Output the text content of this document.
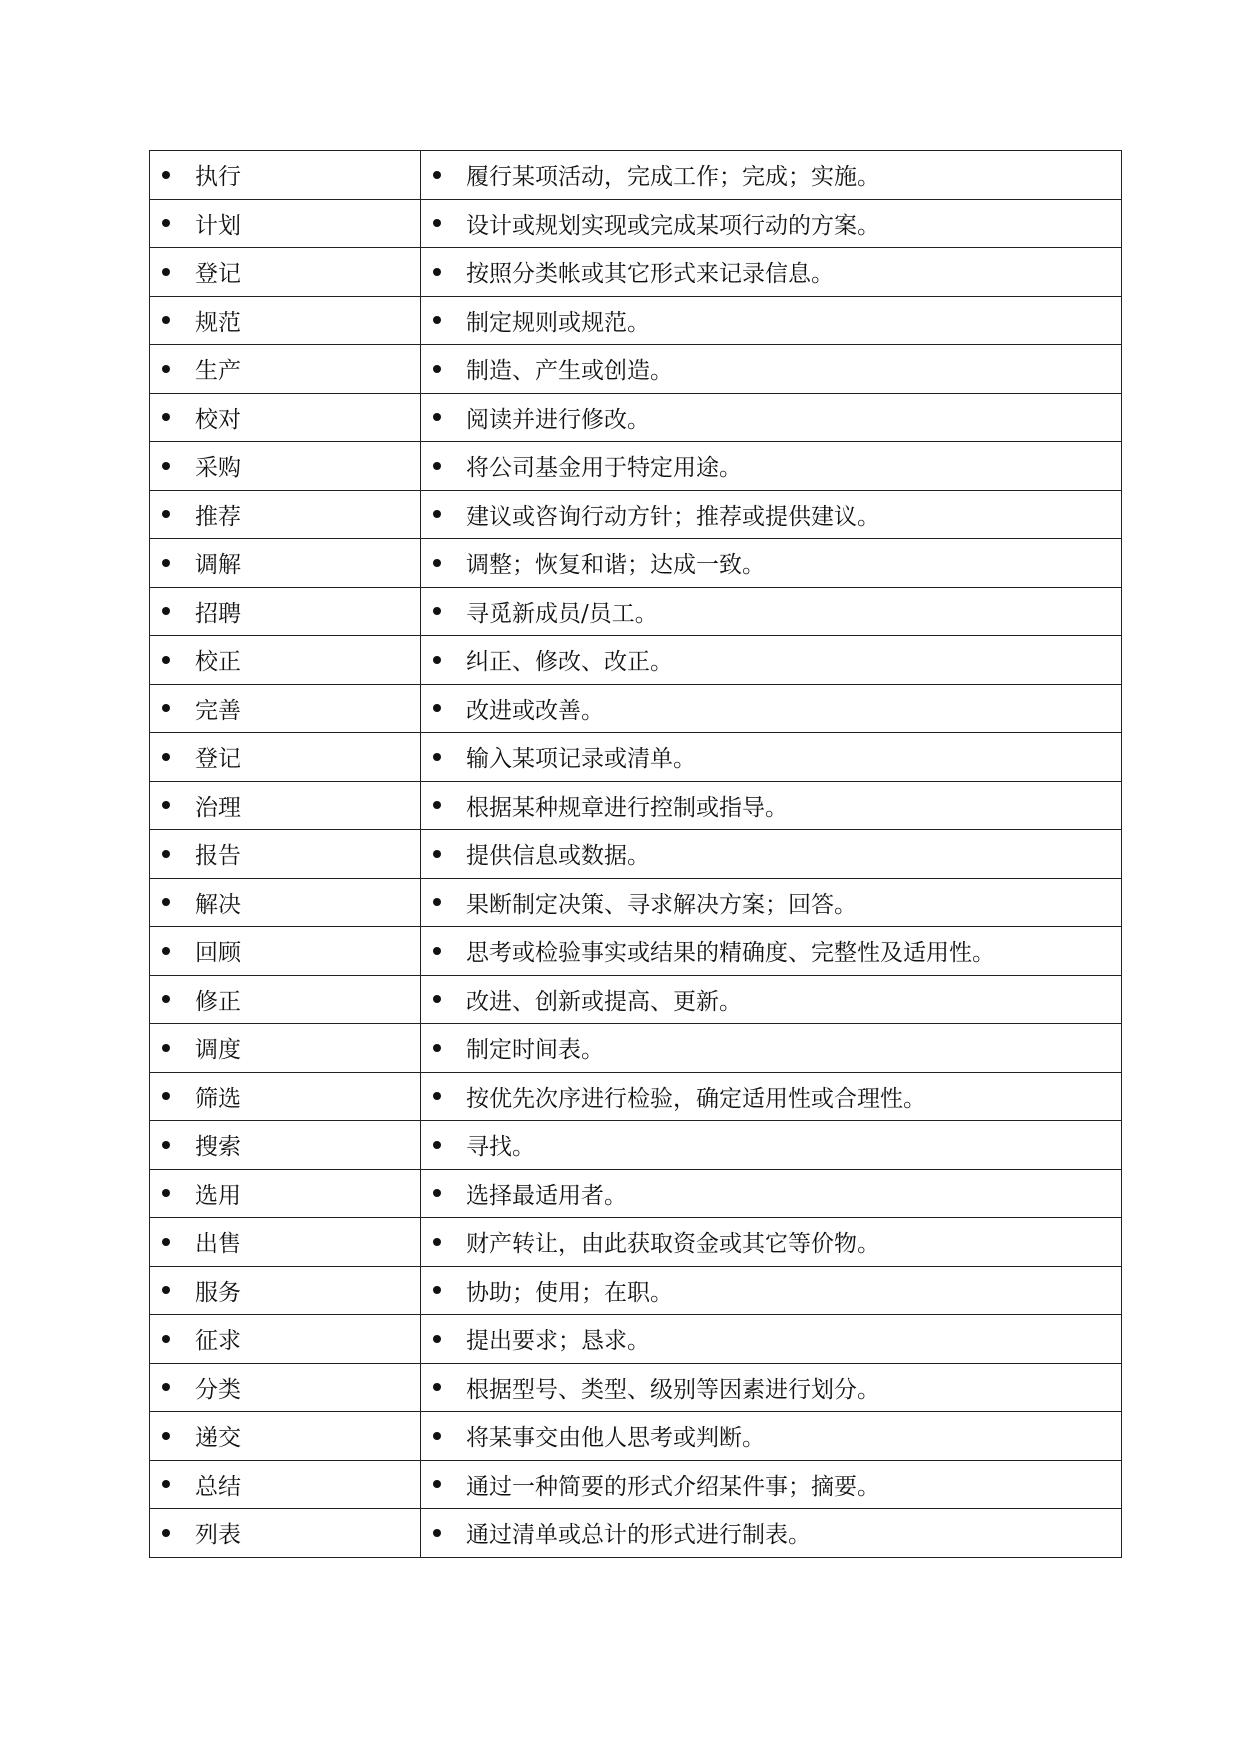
执行	履行某项活动，完成工作；完成；实施。

计划	设计或规划实现或完成某项行动的方案。

登记	按照分类帐或其它形式来记录信息。

规范	制定规则或规范。

生产	制造、产生或创造。

校对	阅读并进行修改。

采购	将公司基金用于特定用途。

推荐	建议或咨询行动方针；推荐或提供建议。

调解	调整；恢复和谐；达成一致。

招聘	寻觅新成员/员工。

校正	纠正、修改、改正。

完善	改进或改善。

登记	输入某项记录或清单。

治理	根据某种规章进行控制或指导。

报告	提供信息或数据。

解决	果断制定决策、寻求解决方案；回答。

回顾	思考或检验事实或结果的精确度、完整性及适用性。

修正	改进、创新或提高、更新。

调度	制定时间表。

筛选	按优先次序进行检验，确定适用性或合理性。

搜索	寻找。

选用	选择最适用者。

出售	财产转让，由此获取资金或其它等价物。

服务	协助；使用；在职。

征求	提出要求；恳求。

分类	根据型号、类型、级别等因素进行划分。

递交	将某事交由他人思考或判断。

总结	通过一种简要的形式介绍某件事；摘要。

列表	通过清单或总计的形式进行制表。
